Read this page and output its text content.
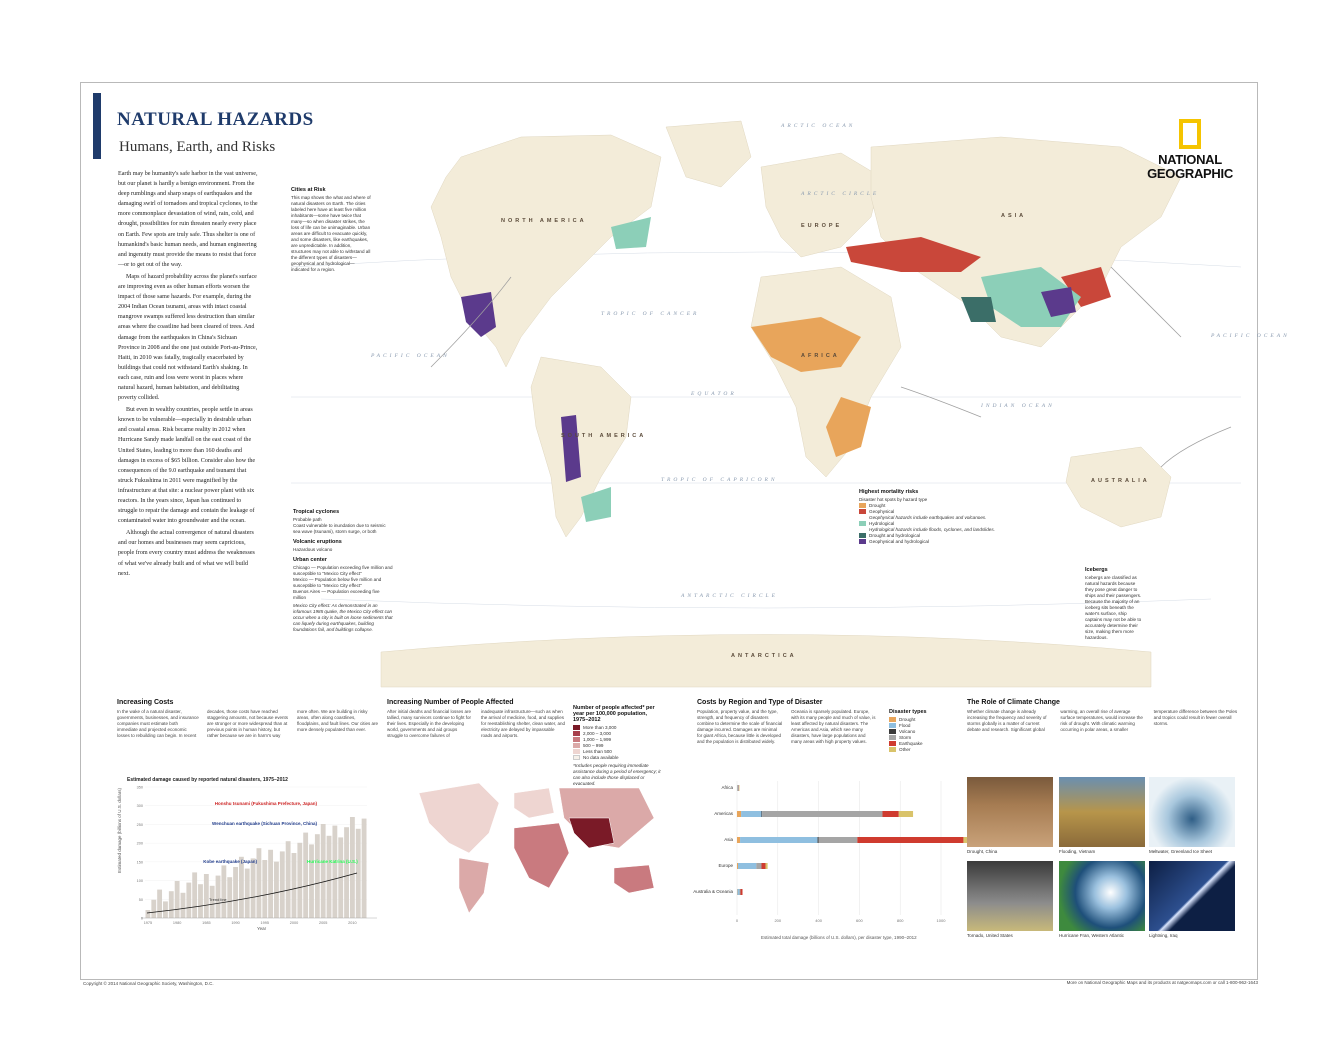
NATURAL HAZARDS
Humans, Earth, and Risks

Earth may be humanity's safe harbor in the vast universe, but our planet is hardly a benign environment. From the deep rumblings and sharp snaps of earthquakes and the damaging swirl of tornadoes and tropical cyclones, to the more commonplace devastation of wind, rain, cold, and drought, possibilities for ruin threaten nearly every place on Earth. Few spots are truly safe. Thus shelter is one of humankind's basic human needs, and human engineering and ingenuity must provide the means to resist that force—or to get out of the way.

Maps of hazard probability across the planet's surface are improving even as other human efforts worsen the impact of those same hazards. For example, during the 2004 Indian Ocean tsunami, areas with intact coastal mangrove swamps suffered less destruction than similar areas where the coastline had been cleared of trees. And damage from the earthquakes in China's Sichuan Province in 2008 and the one just outside Port-au-Prince, Haiti, in 2010 was fatally, tragically exacerbated by buildings that could not withstand Earth's shaking. In each case, ruin and loss were worst in places where natural hazard, human habitation, and debilitating poverty collided.

But even in wealthy countries, people settle in areas known to be vulnerable—especially in desirable urban and coastal areas. Risk became reality in 2012 when Hurricane Sandy made landfall on the east coast of the United States, leading to more than 160 deaths and damages in excess of $65 billion. Consider also how the consequences of the 9.0 earthquake and tsunami that struck Fukushima in 2011 were magnified by the infrastructure at that site: a nuclear power plant with six reactors. In the years since, Japan has continued to struggle to repair the damage and contain the leakage of contaminated water into groundwater and the ocean.

Although the actual convergence of natural disasters and our homes and businesses may seem capricious, people from every country must address the weaknesses of what we've already built and of what we will build next.

ARCTIC OCEAN
PACIFIC OCEAN
INDIAN OCEAN
PACIFIC OCEAN
NORTH AMERICA
SOUTH AMERICA
EUROPE
ASIA
AFRICA
AUSTRALIA
ANTARCTICA
TROPIC OF CANCER
EQUATOR
TROPIC OF CAPRICORN
ANTARCTIC CIRCLE
ARCTIC CIRCLE
NATIONAL
GEOGRAPHIC
Cities at Risk
This map shows the what and where of natural disasters on Earth. The cities labeled here have at least five million inhabitants—some have twice that many—so when disaster strikes, the loss of life can be unimaginable. Urban areas are difficult to evacuate quickly, and some disasters, like earthquakes, are unpredictable. In addition, structures may not able to withstand all the different types of disasters—geophysical and hydrological—indicated for a region.
Tropical cyclones
Probable path
Coast vulnerable to inundation due to seismic sea wave (tsunami), storm surge, or both
Volcanic eruptions
Hazardous volcano
Urban center
Chicago — Population exceeding five million and susceptible to "Mexico City effect"
Mexico — Population below five million and susceptible to "Mexico City effect"
Buenos Aires — Population exceeding five million
Mexico City effect: As demonstrated in an infamous 1985 quake, the Mexico City effect can occur when a city is built on loose sediments that can liquefy during earthquakes, building foundations fail, and buildings collapse.
Highest mortality risks
Disaster hot spots by hazard type
Drought
Geophysical
Geophysical hazards include earthquakes and volcanoes.
Hydrological
Hydrological hazards include floods, cyclones, and landslides.
Drought and hydrological
Geophysical and hydrological
Icebergs
Icebergs are classified as natural hazards because they pose great danger to ships and their passengers. Because the majority of an iceberg sits beneath the water's surface, ship captains may not be able to accurately determine their size, making them more hazardous.
Increasing Costs
In the wake of a natural disaster, governments, businesses, and insurance companies must estimate both immediate and projected economic losses to rebuilding can begin. In recent decades, those costs have reached staggering amounts, not because events are stronger or more widespread than at previous points in human history, but rather because we are in harm's way more often. We are building in risky areas, often along coastlines, floodplains, and fault lines. Our cities are more densely populated than ever.
Increasing Number of People Affected
After initial deaths and financial losses are tallied, many survivors continue to fight for their lives. Especially in the developing world, governments and aid groups struggle to overcome failures of inadequate infrastructure—such as when the arrival of medicine, food, and supplies for reestablishing shelter, clean water, and electricity are delayed by impassable roads and airports.
Number of people affected* per year per 100,000 population, 1975–2012
More than 3,000
2,000 – 3,000
1,000 – 1,999
500 – 999
Less than 500
No data available
*Includes people requiring immediate assistance during a period of emergency; it can also include those displaced or evacuated.
Costs by Region and Type of Disaster
Population, property value, and the type, strength, and frequency of disasters combine to determine the scale of financial damage incurred. Damages are minimal for giant Africa, because little is developed and the population is distributed widely. Oceania is sparsely populated. Europe, with its many people and much of value, is least affected by natural disasters. The Americas and Asia, which see many disasters, have large populations and many areas with high property values.
Disaster types
Drought
Flood
Volcano
Storm
Earthquake
Other
The Role of Climate Change
Whether climate change is already increasing the frequency and severity of storms globally is a matter of current debate and research. Significant global warming, an overall rise of average surface temperatures, would increase the risk of drought. With climatic warming occurring in polar areas, a smaller temperature difference between the Poles and tropics could result in fewer overall storms.
Estimated damage caused by reported natural disasters, 1975–2012
Estimated damage (billions of U.S. dollars)
Year
Trend line
Honshu tsunami (Fukushima Prefecture, Japan)
Wenchuan earthquake (Sichuan Province, China)
Kobe earthquake (Japan)	Hurricane Katrina (U.S.)
0
50
100
150
200
250
300
350
1975	1980	1985	1990	1995	2000	2005	2010
Estimated total damage (billions of U.S. dollars), per disaster type, 1990–2012
0	200	400	600	800	1000
Africa
Americas
Asia
Europe
Australia & Oceania
Drought, China	Flooding, Vietnam	Meltwater, Greenland Ice Sheet
Tornado, United States	Hurricane Fran, Western Atlantic	Lightning, Iraq
Copyright © 2014 National Geographic Society, Washington, D.C.	More on National Geographic Maps and its products at natgeomaps.com or call 1-800-962-1643
